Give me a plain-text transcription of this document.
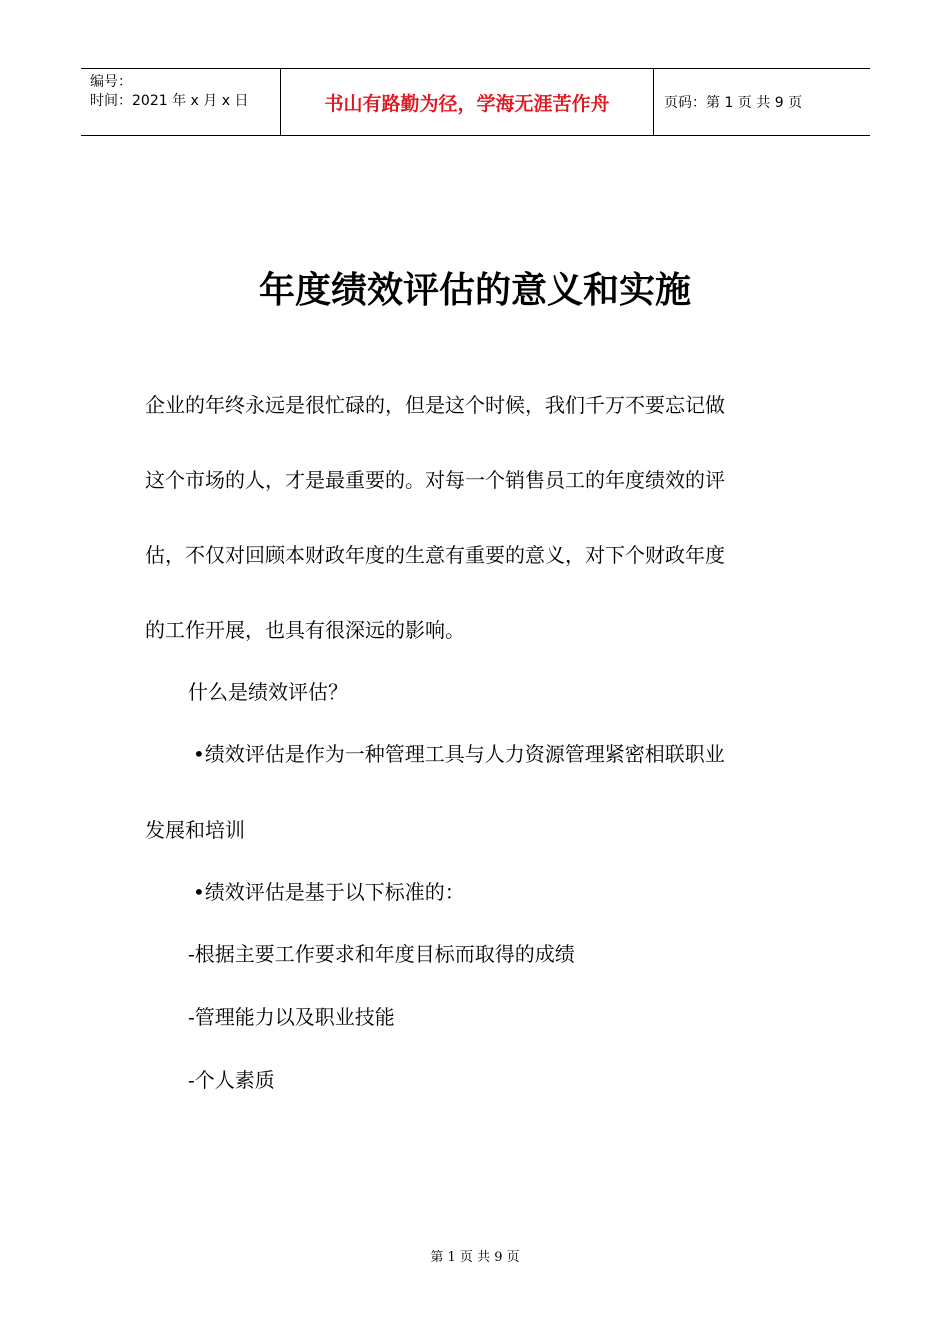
编号：
时间：2021 年 x 月 x 日	书山有路勤为径，学海无涯苦作舟	页码：第 1 页 共 9 页
年度绩效评估的意义和实施
企业的年终永远是很忙碌的，但是这个时候，我们千万不要忘记做
这个市场的人，才是最重要的。对每一个销售员工的年度绩效的评
估，不仅对回顾本财政年度的生意有重要的意义，对下个财政年度
的工作开展，也具有很深远的影响。
什么是绩效评估？
•绩效评估是作为一种管理工具与人力资源管理紧密相联职业
发展和培训
•绩效评估是基于以下标准的：
-根据主要工作要求和年度目标而取得的成绩
-管理能力以及职业技能
-个人素质
第 1 页 共 9 页
